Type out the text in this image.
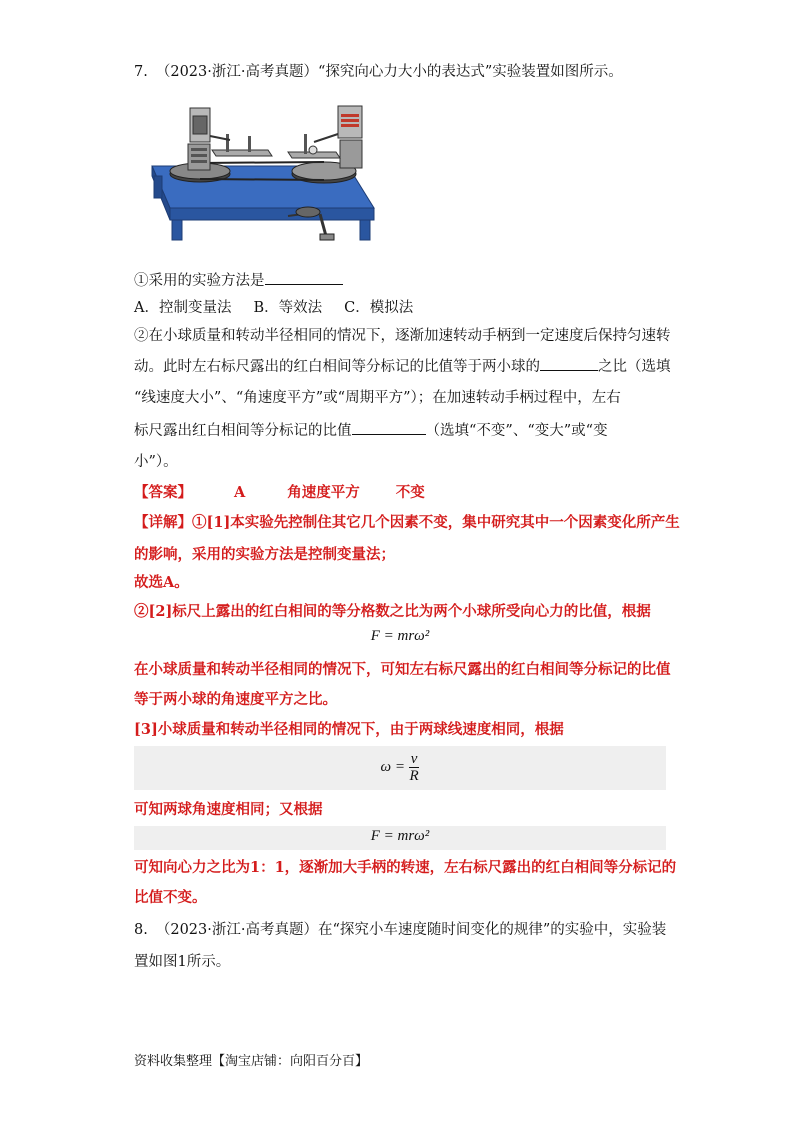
7. （2023·浙江·高考真题）“探究向心力大小的表达式”实验装置如图所示。
①采用的实验方法是
A．控制变量法 B．等效法 C．模拟法
②在小球质量和转动半径相同的情况下，逐渐加速转动手柄到一定速度后保持匀速转
动。此时左右标尺露出的红白相间等分标记的比值等于两小球的	之比（选填
“线速度大小”、“角速度平方”或“周期平方”）；在加速转动手柄过程中，左右
标尺露出红白相间等分标记的比值	（选填“不变”、“变大”或“变
小”）。
【答案】	A	角速度平方 不变
【详解】①[1]本实验先控制住其它几个因素不变，集中研究其中一个因素变化所产生
的影响，采用的实验方法是控制变量法；
故选A。
②[2]标尺上露出的红白相间的等分格数之比为两个小球所受向心力的比值，根据
F = mrω²
在小球质量和转动半径相同的情况下，可知左右标尺露出的红白相间等分标记的比值
等于两小球的角速度平方之比。
[3]小球质量和转动半径相同的情况下，由于两球线速度相同，根据
$\omega = \frac{v}{R}$
可知两球角速度相同；又根据
F = mrω²
可知向心力之比为1：1，逐渐加大手柄的转速，左右标尺露出的红白相间等分标记的
比值不变。
8. （2023·浙江·高考真题）在“探究小车速度随时间变化的规律”的实验中，实验装
置如图1所示。
资料收集整理【淘宝店铺：向阳百分百】
